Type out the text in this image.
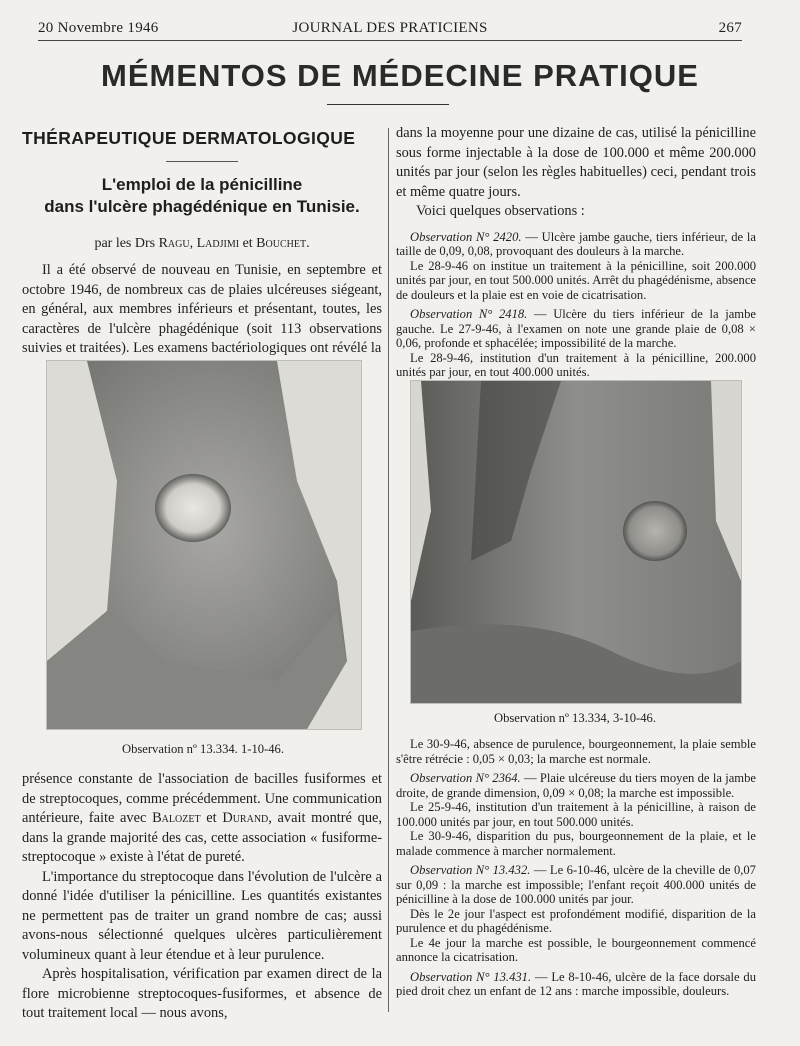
20 Novembre 1946	JOURNAL DES PRATICIENS	267
MÉMENTOS DE MÉDECINE PRATIQUE
THÉRAPEUTIQUE DERMATOLOGIQUE
L'emploi de la pénicilline
dans l'ulcère phagédénique en Tunisie.
par les Drs Ragu, Ladjimi et Bouchet.

Il a été observé de nouveau en Tunisie, en septembre et octobre 1946, de nombreux cas de plaies ulcéreuses siégeant, en général, aux membres inférieurs et présentant, toutes, les caractères de l'ulcère phagédénique (soit 113 observations suivies et traitées). Les examens bactériologiques ont révélé la

Observation nº 13.334. 1-10-46.

présence constante de l'association de bacilles fusiformes et de streptocoques, comme précédemment. Une communication antérieure, faite avec Balozet et Durand, avait montré que, dans la grande majorité des cas, cette association « fusiforme-streptocoque » existe à l'état de pureté.

L'importance du streptocoque dans l'évolution de l'ulcère a donné l'idée d'utiliser la pénicilline. Les quantités existantes ne permettent pas de traiter un grand nombre de cas; aussi avons-nous sélectionné quelques ulcères particulièrement volumineux quant à leur étendue et à leur purulence.

Après hospitalisation, vérification par examen direct de la flore microbienne streptocoques-fusiformes, et absence de tout traitement local — nous avons,

dans la moyenne pour une dizaine de cas, utilisé la pénicilline sous forme injectable à la dose de 100.000 et même 200.000 unités par jour (selon les règles habituelles) ceci, pendant trois et même quatre jours.

Voici quelques observations :

Observation N° 2420. — Ulcère jambe gauche, tiers inférieur, de la taille de 0,09, 0,08, provoquant des douleurs à la marche.

Le 28-9-46 on institue un traitement à la pénicilline, soit 200.000 unités par jour, en tout 500.000 unités. Arrêt du phagédénisme, absence de douleurs et la plaie est en voie de cicatrisation.

Observation N° 2418. — Ulcère du tiers inférieur de la jambe gauche. Le 27-9-46, à l'examen on note une grande plaie de 0,08 × 0,06, profonde et sphacélée; impossibilité de la marche.

Le 28-9-46, institution d'un traitement à la pénicilline, 200.000 unités par jour, en tout 400.000 unités.

Observation nº 13.334, 3-10-46.

Le 30-9-46, absence de purulence, bourgeonnement, la plaie semble s'être rétrécie : 0,05 × 0,03; la marche est normale.

Observation N° 2364. — Plaie ulcéreuse du tiers moyen de la jambe droite, de grande dimension, 0,09 × 0,08; la marche est impossible.

Le 25-9-46, institution d'un traitement à la pénicilline, à raison de 100.000 unités par jour, en tout 500.000 unités.

Le 30-9-46, disparition du pus, bourgeonnement de la plaie, et le malade commence à marcher normalement.

Observation N° 13.432. — Le 6-10-46, ulcère de la cheville de 0,07 sur 0,09 : la marche est impossible; l'enfant reçoit 400.000 unités de pénicilline à la dose de 100.000 unités par jour.

Dès le 2e jour l'aspect est profondément modifié, disparition de la purulence et du phagédénisme.

Le 4e jour la marche est possible, le bourgeonnement commencé annonce la cicatrisation.

Observation N° 13.431. — Le 8-10-46, ulcère de la face dorsale du pied droit chez un enfant de 12 ans : marche impossible, douleurs.
